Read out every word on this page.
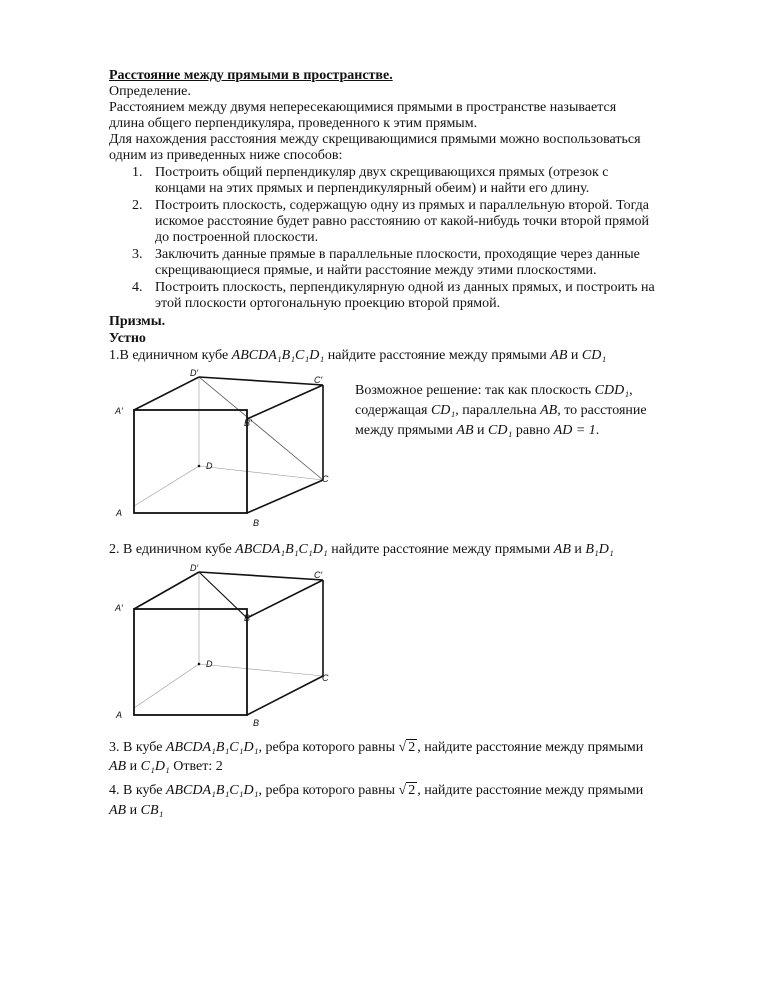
Расстояние между прямыми в пространстве.
Определение.
Расстоянием между двумя непересекающимися прямыми в пространстве называется
длина общего перпендикуляра, проведенного к этим прямым.
Для нахождения расстояния между скрещивающимися прямыми можно воспользоваться
одним из приведенных ниже способов:
1. Построить общий перпендикуляр двух скрещивающихся прямых (отрезок с
концами на этих прямых и перпендикулярный обеим) и найти его длину.
2. Построить плоскость, содержащую одну из прямых и параллельную второй. Тогда
искомое расстояние будет равно расстоянию от какой-нибудь точки второй прямой
до построенной плоскости.
3. Заключить данные прямые в параллельные плоскости, проходящие через данные
скрещивающиеся прямые, и найти расстояние между этими плоскостями.
4. Построить плоскость, перпендикулярную одной из данных прямых, и построить на
этой плоскости ортогональную проекцию второй прямой.
Призмы.
Устно
1.В единичном кубе ABCDA₁B₁C₁D₁ найдите расстояние между прямыми AB и CD₁
D′
C′
A′
B′
D
C
A
B
Возможное решение: так как плоскость CDD₁,
содержащая CD₁, параллельна AB, то расстояние
между прямыми AB и CD₁ равно AD = 1.
2. В единичном кубе ABCDA₁B₁C₁D₁ найдите расстояние между прямыми AB и B₁D₁
D′
C′
A′
B′
D
C
A
B
3. В кубе ABCDA₁B₁C₁D₁, ребра которого равны √ 2 , найдите расстояние между прямыми
AB и C₁D₁ Ответ: 2
4. В кубе ABCDA₁B₁C₁D₁, ребра которого равны √ 2 , найдите расстояние между прямыми
AB и CB₁
